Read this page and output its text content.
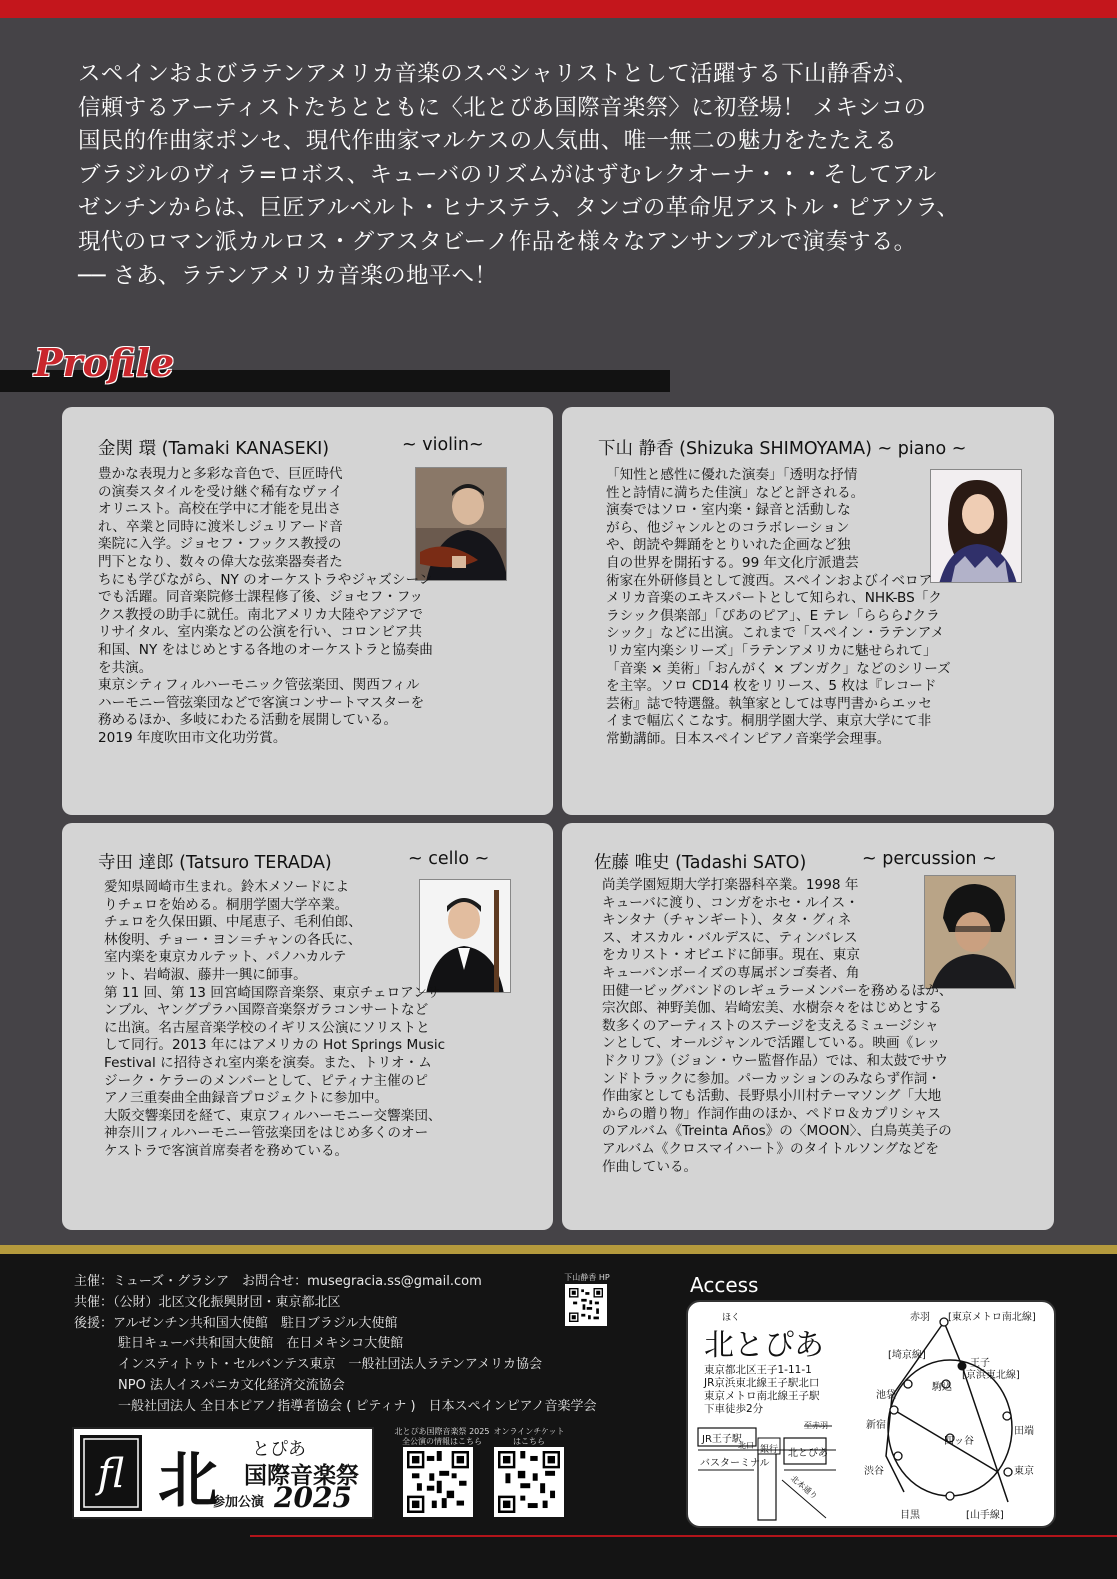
スペインおよびラテンアメリカ音楽のスペシャリストとして活躍する下山静香が、

信頼するアーティストたちとともに〈北とぴあ国際音楽祭〉に初登場！ メキシコの

国民的作曲家ポンセ、現代作曲家マルケスの人気曲、唯一無二の魅力をたたえる

ブラジルのヴィラ=ロボス、キューバのリズムがはずむレクオーナ・・・そしてアル

ゼンチンからは、巨匠アルベルト・ヒナステラ、タンゴの革命児アストル・ピアソラ、

現代のロマン派カルロス・グアスタビーノ作品を様々なアンサンブルで演奏する。

── さあ、ラテンアメリカ音楽の地平へ！

Profile
金関 環 (Tamaki KANASEKI)	~ violin~

豊かな表現力と多彩な音色で、巨匠時代

の演奏スタイルを受け継ぐ稀有なヴァイ

オリニスト。高校在学中に才能を見出さ

れ、卒業と同時に渡米しジュリアード音

楽院に入学。ジョセフ・フックス教授の

門下となり、数々の偉大な弦楽器奏者た

ちにも学びながら、NY のオーケストラやジャズシーン

でも活躍。同音楽院修士課程修了後、ジョセフ・フッ

クス教授の助手に就任。南北アメリカ大陸やアジアで

リサイタル、室内楽などの公演を行い、コロンビア共

和国、NY をはじめとする各地のオーケストラと協奏曲

を共演。

東京シティフィルハーモニック管弦楽団、関西フィル

ハーモニー管弦楽団などで客演コンサートマスターを

務めるほか、多岐にわたる活動を展開している。

2019 年度吹田市文化功労賞。

下山 静香 (Shizuka SHIMOYAMA) ~ piano ~

「知性と感性に優れた演奏」「透明な抒情

性と詩情に満ちた佳演」などと評される。

演奏ではソロ・室内楽・録音と活動しな

がら、他ジャンルとのコラボレーション

や、朗読や舞踊をとりいれた企画など独

自の世界を開拓する。99 年文化庁派遣芸

術家在外研修員として渡西。スペインおよびイベロア

メリカ音楽のエキスパートとして知られ、NHK-BS「ク

ラシック倶楽部」「ぴあのピア」、E テレ「ららら♪クラ

シック」などに出演。これまで「スペイン・ラテンアメ

リカ室内楽シリーズ」「ラテンアメリカに魅せられて」

「音楽 × 美術」「おんがく × ブンガク」などのシリーズ

を主宰。ソロ CD14 枚をリリース、5 枚は『レコード

芸術』誌で特選盤。執筆家としては専門書からエッセ

イまで幅広くこなす。桐朋学園大学、東京大学にて非

常勤講師。日本スペインピアノ音楽学会理事。

寺田 達郎 (Tatsuro TERADA)	~ cello ~

愛知県岡崎市生まれ。鈴木メソードによ

りチェロを始める。桐朋学園大学卒業。

チェロを久保田顕、中尾恵子、毛利伯郎、

林俊明、チョー・ヨン＝チャンの各氏に、

室内楽を東京カルテット、パノハカルテ

ット、岩崎淑、藤井一興に師事。

第 11 回、第 13 回宮崎国際音楽祭、東京チェロアンサ

ンブル、ヤングプラハ国際音楽祭ガラコンサートなど

に出演。名古屋音楽学校のイギリス公演にソリストと

して同行。2013 年にはアメリカの Hot Springs Music

Festival に招待され室内楽を演奏。また、トリオ・ム

ジーク・ケラーのメンバーとして、ピティナ主催のピ

アノ三重奏曲全曲録音プロジェクトに参加中。

大阪交響楽団を経て、東京フィルハーモニー交響楽団、

神奈川フィルハーモニー管弦楽団をはじめ多くのオー

ケストラで客演首席奏者を務めている。

佐藤 唯史 (Tadashi SATO)	~ percussion ~

尚美学園短期大学打楽器科卒業。1998 年

キューバに渡り、コンガをホセ・ルイス・

キンタナ（チャンギート）、タタ・グィネ

ス、オスカル・バルデスに、ティンバレス

をカリスト・オビエドに師事。現在、東京

キューバンボーイズの専属ボンゴ奏者、角

田健一ビッグバンドのレギュラーメンバーを務めるほか、

宗次郎、神野美伽、岩崎宏美、水樹奈々をはじめとする

数多くのアーティストのステージを支えるミュージシャ

ンとして、オールジャンルで活躍している。映画《レッ

ドクリフ》（ジョン・ウー監督作品）では、和太鼓でサウ

ンドトラックに参加。パーカッションのみならず作詞・

作曲家としても活動、長野県小川村テーマソング「大地

からの贈り物」作詞作曲のほか、ペドロ＆カプリシャス

のアルバム《Treinta Años》の〈MOON〉、白鳥英美子の

アルバム《クロスマイハート》のタイトルソングなどを

作曲している。

主催：ミューズ・グラシア　お問合せ：musegracia.ss@gmail.com

共催：（公財）北区文化振興財団・東京都北区

後援：アルゼンチン共和国大使館　駐日ブラジル大使館

駐日キューバ共和国大使館　在日メキシコ大使館

インスティトゥト・セルバンテス東京　一般社団法人ラテンアメリカ協会

NPO 法人イスパニカ文化経済交流協会

一般社団法人 全日本ピアノ指導者協会 ( ピティナ )　日本スペインピアノ音楽学会

下山静香 HP
ﬂ 北 とぴあ
国際音楽祭
参加公演 2025
北とぴあ国際音楽祭 2025
全公演の情報はこちら
オンラインチケット
はこちら
Access
ほく
北とぴあ
東京都北区王子1-11-1
JR京浜東北線王子駅北口
東京メトロ南北線王子駅
下車徒歩2分
JR王子駅
北口
バスターミナル
銀行 北とぴあ
至赤羽
北本通り
赤羽 [東京メトロ南北線]
[埼京線]
王子
[京浜東北線]
池袋
駒込
新宿
田端
四ッ谷
渋谷	東京
目黒	[山手線]
